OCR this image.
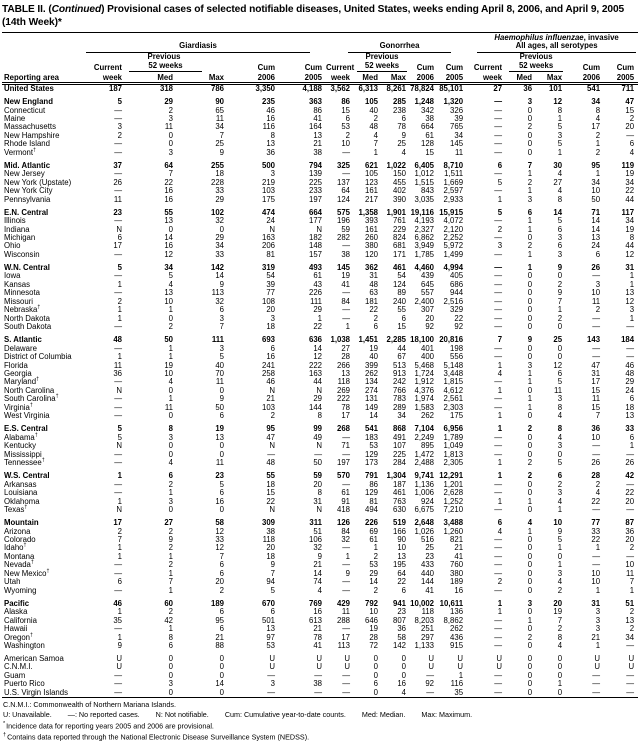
TABLE II. (Continued) Provisional cases of selected notifiable diseases, United States, weeks ending April 8, 2006, and April 9, 2005
(14th Week)*

	Giardiasis					Gonorrhea					Haemophilus influenzae, invasive
All ages, all serotypes				

		Previous					Previous					Previous			

	Current	52 weeks		Cum	Cum	Current	52 weeks		Cum	Cum	Current	52 weeks		Cum	Cum
Reporting area	week	Med	Max	2006	2005	week	Med	Max	2006	2005	week	Med	Max	2006	2005
United States	187	318	786	3,350	4,188	3,562	6,313	8,261	78,824	85,101	27	36	101	541	711

New England	5	29	90	235	363	86	105	285	1,248	1,320	—	3	12	34	47
Connecticut	—	2	65	46	86	15	40	238	342	326	—	0	8	8	15
Maine	—	3	11	16	41	6	2	6	38	39	—	0	1	4	2
Massachusetts	3	11	34	116	164	53	48	78	664	765	—	2	5	17	20
New Hampshire	2	0	7	8	13	2	4	9	61	34	—	0	3	2	—
Rhode Island	—	0	25	13	21	10	7	25	128	145	—	0	5	1	6
Vermont†	—	3	9	36	38	—	1	4	15	11	—	0	1	2	4

Mid. Atlantic	37	64	255	500	794	325	621	1,022	6,405	8,710	6	7	30	95	119
New Jersey	—	7	18	3	139	—	105	150	1,012	1,511	—	1	4	1	19
New York (Upstate)	26	22	228	219	225	137	123	455	1,515	1,669	5	2	27	34	34
New York City	—	16	33	103	233	64	161	402	843	2,597	—	1	4	10	22
Pennsylvania	11	16	29	175	197	124	217	390	3,035	2,933	1	3	8	50	44

E.N. Central	23	55	102	474	664	575	1,358	1,901	19,116	15,915	5	6	14	71	117
Illinois	—	13	32	24	177	196	393	761	4,193	4,072	—	1	5	14	34
Indiana	N	0	0	N	N	59	161	229	2,327	2,120	2	1	6	14	19
Michigan	6	14	29	163	182	282	260	824	6,862	2,252	—	0	3	13	8
Ohio	17	16	34	206	148	—	380	681	3,949	5,972	3	2	6	24	44
Wisconsin	—	12	33	81	157	38	120	171	1,785	1,499	—	1	3	6	12

W.N. Central	5	34	142	319	493	145	362	461	4,460	4,994	—	1	9	26	31
Iowa	—	5	14	54	61	19	31	54	439	405	—	0	0	—	1
Kansas	1	4	9	39	43	41	48	124	645	686	—	0	2	3	1
Minnesota	—	13	113	77	226	—	63	89	557	944	—	0	9	10	13
Missouri	2	10	32	108	111	84	181	240	2,400	2,516	—	0	7	11	12
Nebraska†	1	1	6	20	29	—	22	55	307	329	—	0	1	2	3
North Dakota	1	0	3	3	1	—	2	6	20	22	—	0	2	—	1
South Dakota	—	2	7	18	22	1	6	15	92	92	—	0	0	—	—

S. Atlantic	48	50	111	693	636	1,038	1,451	2,285	18,100	20,816	7	9	25	143	184
Delaware	—	1	3	6	14	27	19	44	401	198	—	0	0	—	—
District of Columbia	1	1	5	16	12	28	40	67	400	556	—	0	0	—	—
Florida	11	19	40	241	222	266	399	513	5,468	5,148	1	3	12	47	46
Georgia	36	10	70	258	163	13	262	913	1,724	3,448	4	1	6	31	48
Maryland†	—	4	11	46	44	118	134	242	1,912	1,815	—	1	5	17	29
North Carolina	N	0	0	N	N	269	274	766	4,376	4,612	1	0	11	15	24
South Carolina†	—	1	9	21	29	222	131	783	1,974	2,561	—	1	3	11	6
Virginia†	—	11	50	103	144	78	149	289	1,583	2,303	—	1	8	15	18
West Virginia	—	0	6	2	8	17	14	34	262	175	1	0	4	7	13

E.S. Central	5	8	19	95	99	268	541	868	7,104	6,956	1	2	8	36	33
Alabama†	5	3	13	47	49	—	183	491	2,249	1,789	—	0	4	10	6
Kentucky	N	0	0	N	N	71	53	107	895	1,049	—	0	3	—	1
Mississippi	—	0	0	—	—	—	129	225	1,472	1,813	—	0	0	—	—
Tennessee†	—	4	11	48	50	197	173	284	2,488	2,305	1	2	5	26	26

W.S. Central	1	6	23	55	59	570	791	1,304	9,741	12,291	1	2	6	28	42
Arkansas	—	2	5	18	20	—	86	187	1,136	1,201	—	0	2	2	—
Louisiana	—	1	6	15	8	61	129	461	1,006	2,628	—	0	3	4	22
Oklahoma	1	3	16	22	31	91	81	763	924	1,252	1	1	4	22	20
Texas†	N	0	0	N	N	418	494	630	6,675	7,210	—	0	1	—	—

Mountain	17	27	58	309	311	126	226	519	2,648	3,488	6	4	10	77	87
Arizona	2	2	12	38	51	84	69	166	1,026	1,260	4	1	9	33	36
Colorado	7	9	33	118	106	32	61	90	516	821	—	0	5	22	20
Idaho†	1	2	12	20	32	—	1	10	25	21	—	0	1	1	2
Montana	1	1	7	18	9	1	2	13	23	41	—	0	0	—	—
Nevada†	—	2	6	9	21	—	53	195	433	760	—	0	1	—	10
New Mexico†	—	1	6	7	14	9	29	64	440	380	—	0	3	10	11
Utah	6	7	20	94	74	—	14	22	144	189	2	0	4	10	7
Wyoming	—	1	2	5	4	—	2	6	41	16	—	0	2	1	1

Pacific	46	60	189	670	769	429	792	941	10,002	10,611	1	3	20	31	51
Alaska	1	2	6	6	16	11	10	23	118	136	1	0	19	3	2
California	35	42	95	501	613	288	646	807	8,203	8,862	—	1	7	3	13
Hawaii	—	1	6	13	21	—	19	36	251	262	—	0	2	3	2
Oregon†	1	8	21	97	78	17	28	58	297	436	—	2	8	21	34
Washington	9	6	88	53	41	113	72	142	1,133	915	—	0	4	1	—

American Samoa	U	0	0	U	U	U	0	0	U	U	U	0	0	U	U
C.N.M.I.	U	0	0	U	U	U	0	0	U	U	U	0	0	U	U
Guam	—	0	0	—	—	—	0	0	—	1	—	0	0	—	—
Puerto Rico	—	3	14	3	38	—	6	16	92	116	—	0	1	—	—
U.S. Virgin Islands	—	0	0	—	—	—	0	4	—	35	—	0	0	—	—
C.N.M.I.: Commonwealth of Northern Mariana Islands.
U: Unavailable. —: No reported cases. N: Not notifiable. Cum: Cumulative year-to-date counts. Med: Median. Max: Maximum.
*Incidence data for reporting years 2005 and 2006 are provisional.
†Contains data reported through the National Electronic Disease Surveillance System (NEDSS).
